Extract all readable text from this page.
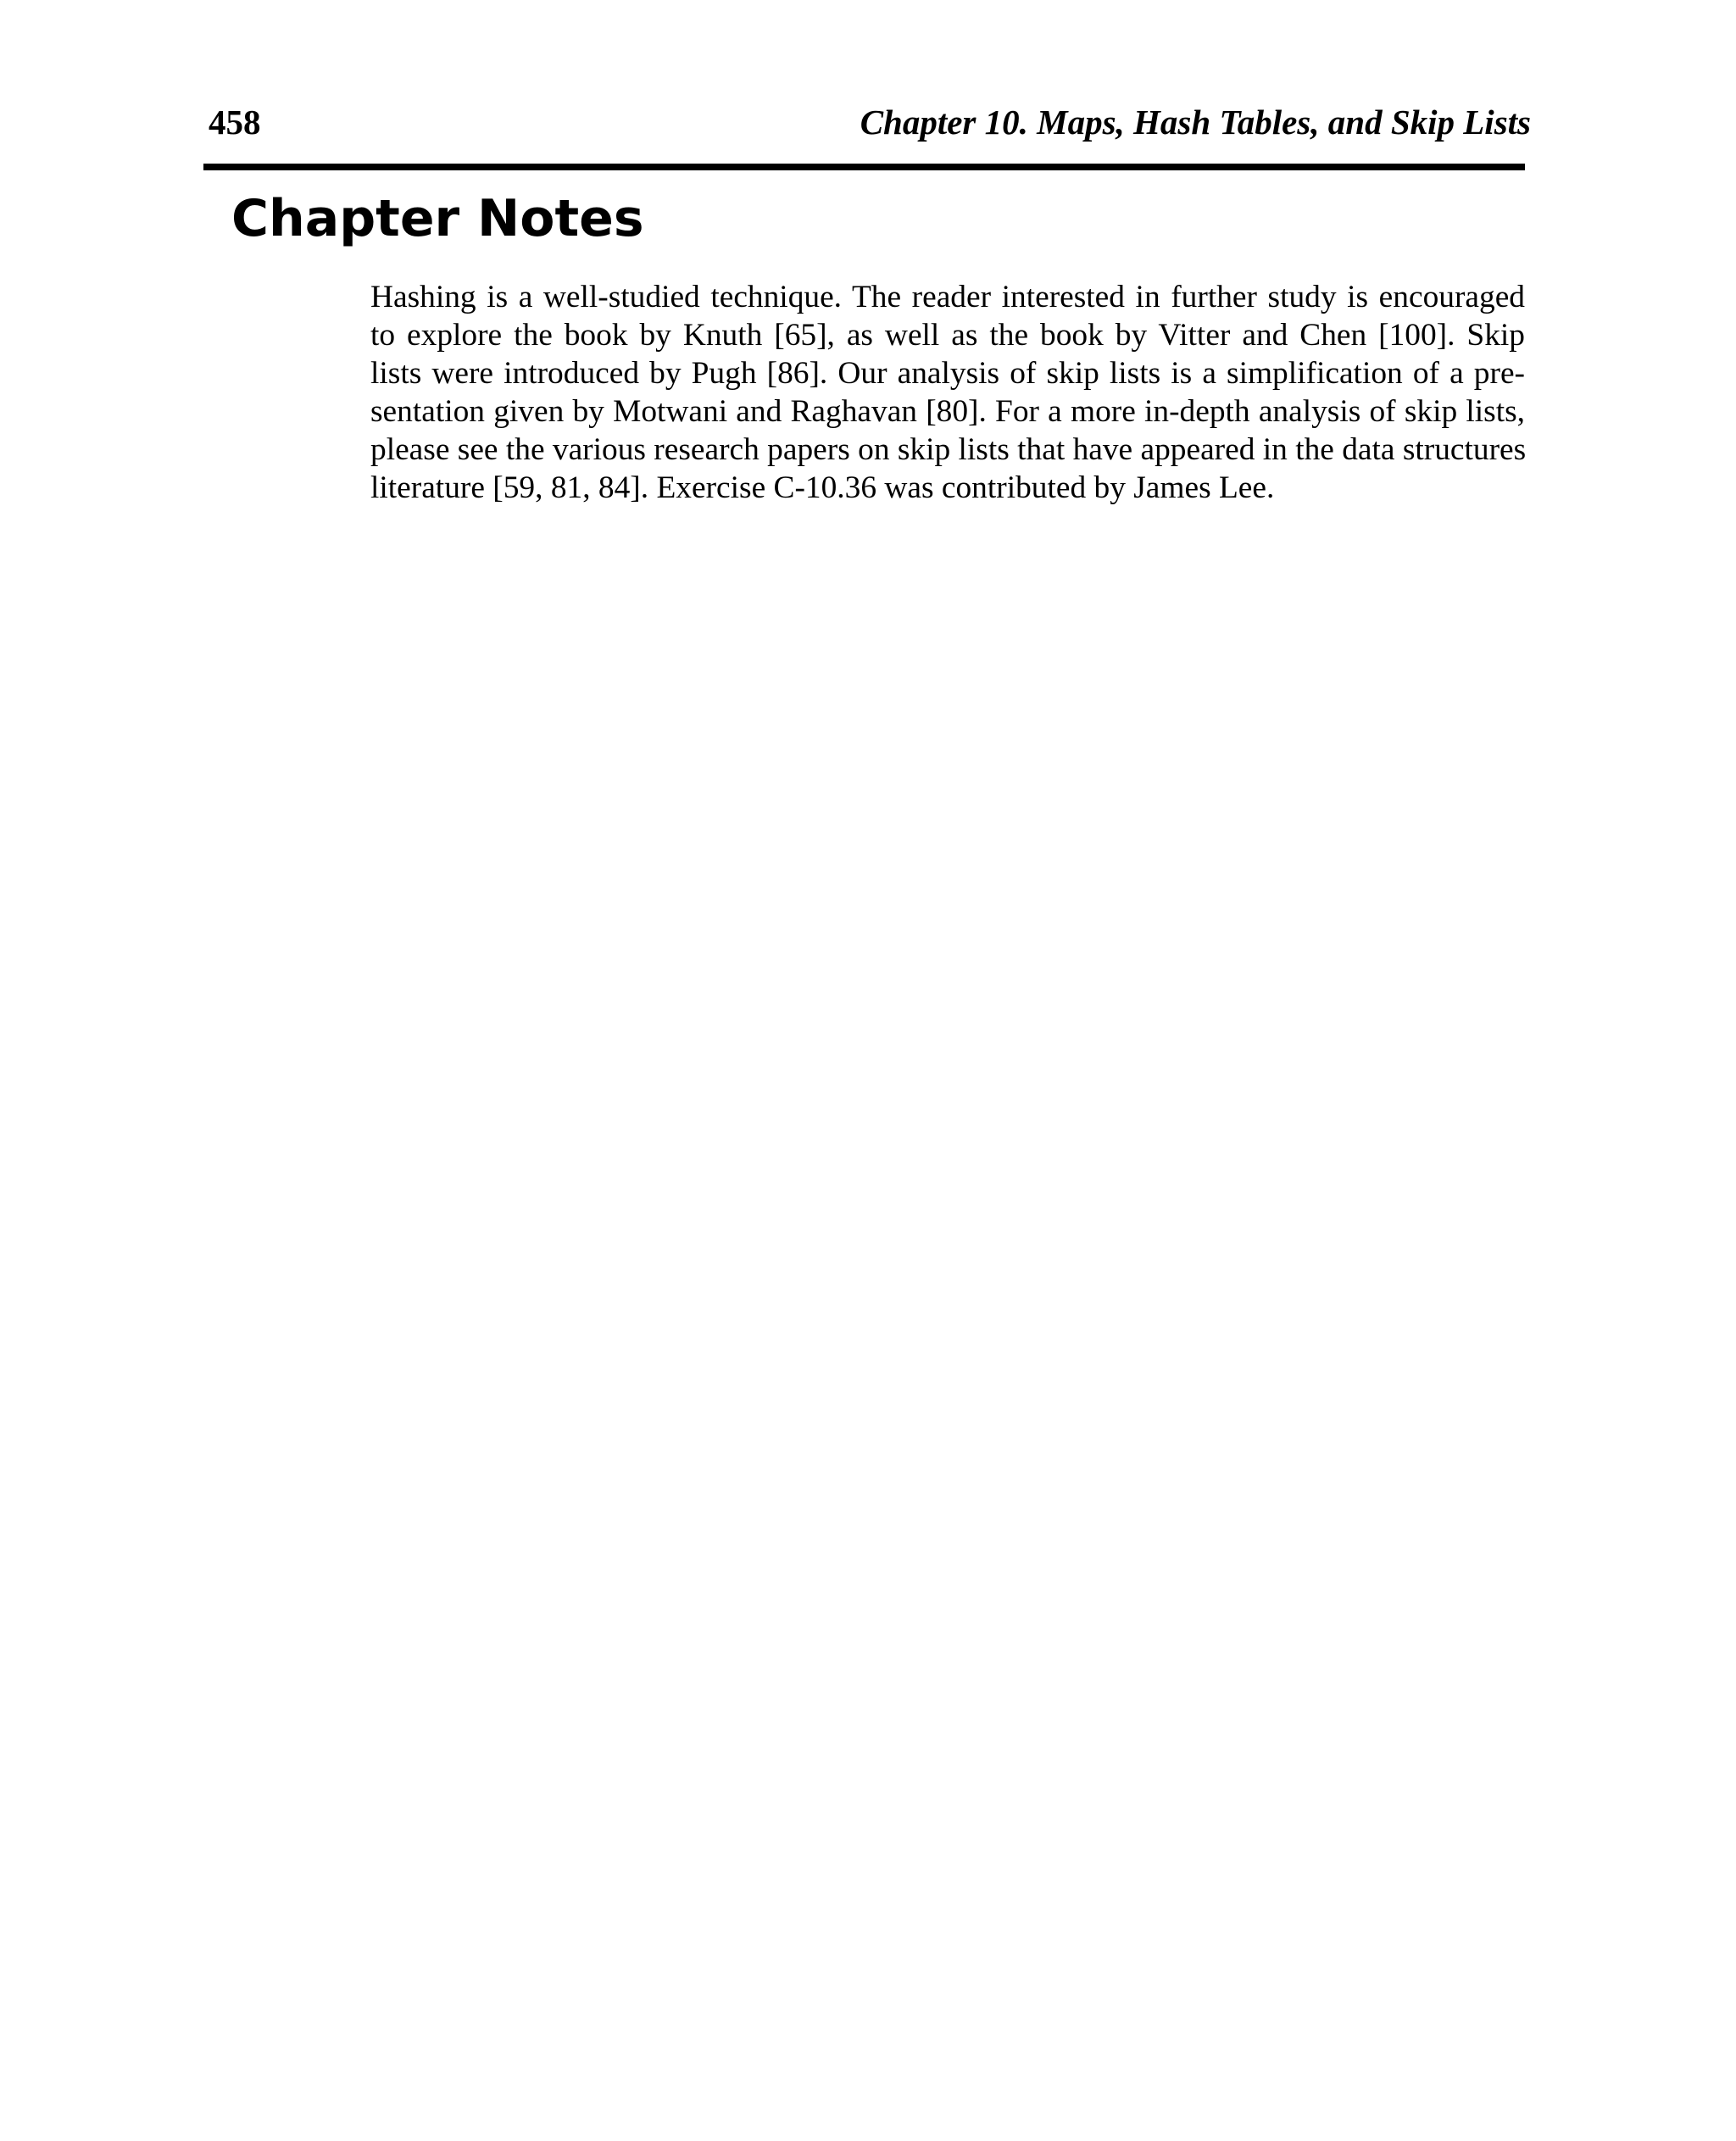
458	Chapter 10. Maps, Hash Tables, and Skip Lists
Chapter Notes
Hashing is a well-studied technique. The reader interested in further study is encouraged
to explore the book by Knuth [65], as well as the book by Vitter and Chen [100]. Skip
lists were introduced by Pugh [86]. Our analysis of skip lists is a simplification of a pre-
sentation given by Motwani and Raghavan [80]. For a more in-depth analysis of skip lists,
please see the various research papers on skip lists that have appeared in the data structures
literature [59, 81, 84]. Exercise C-10.36 was contributed by James Lee.
